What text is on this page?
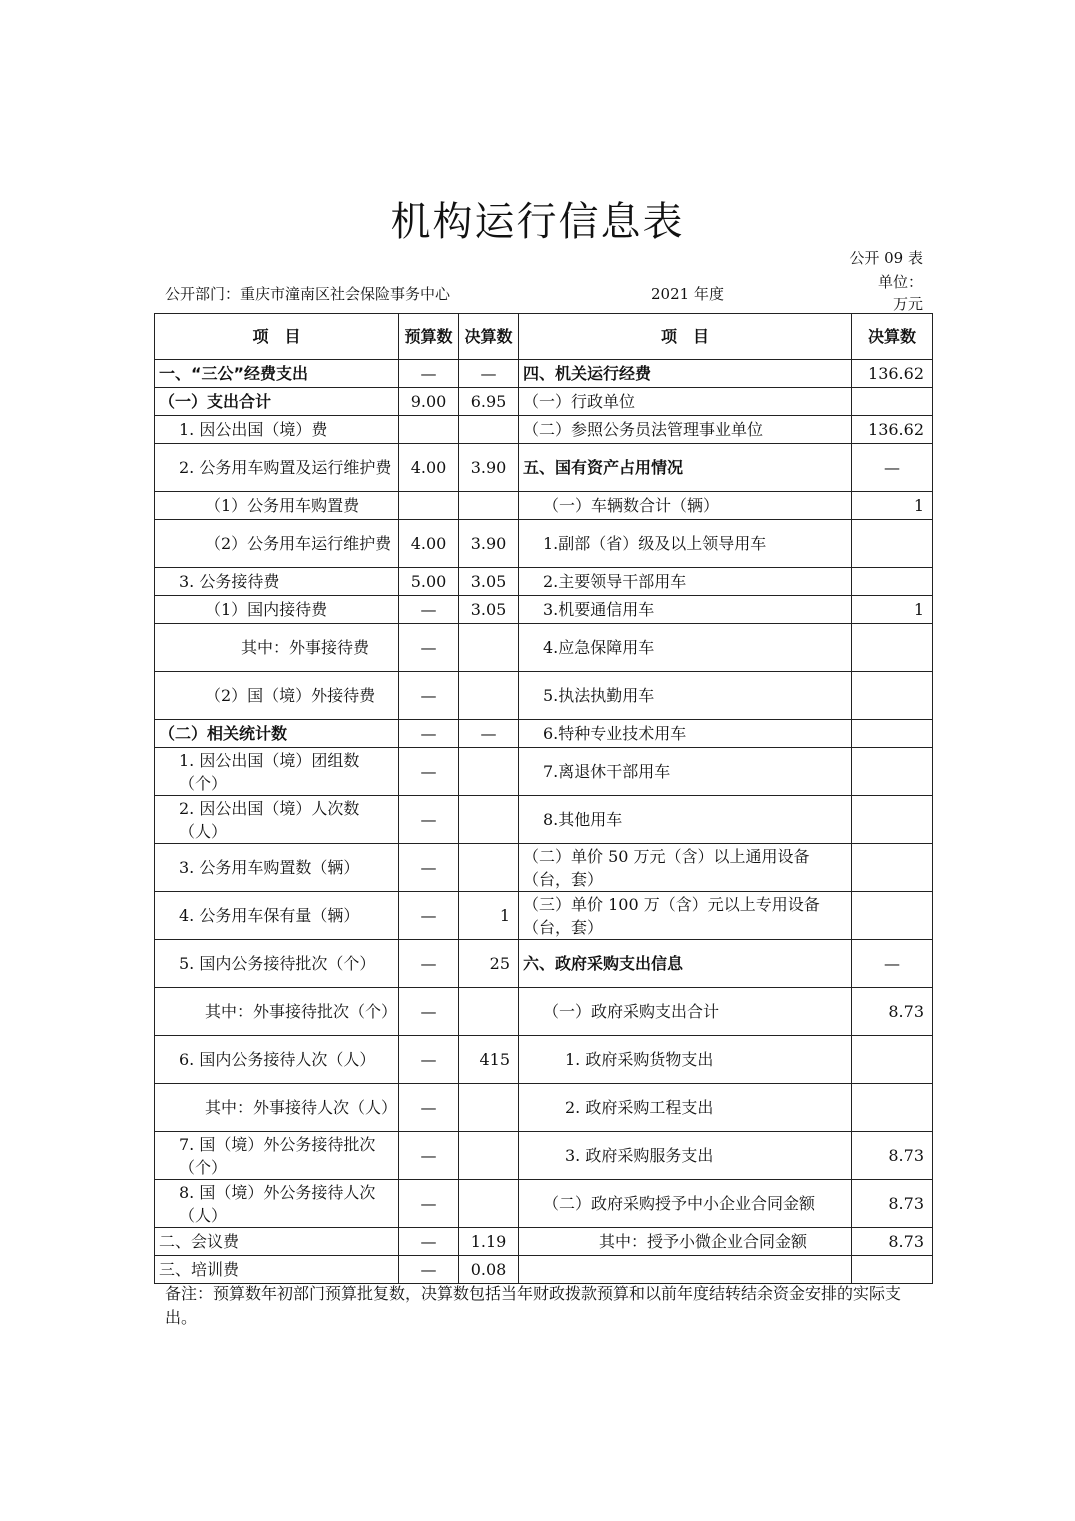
机构运行信息表
公开 09 表
单位：
万元
公开部门：重庆市潼南区社会保险事务中心	2021 年度
项　目	预算数	决算数	项　目	决算数
一、“三公”经费支出	—	—	四、机关运行经费	136.62
（一）支出合计	9.00	6.95	（一）行政单位	
1. 因公出国（境）费			（二）参照公务员法管理事业单位	136.62
2. 公务用车购置及运行维护费	4.00	3.90	五、国有资产占用情况	—
（1）公务用车购置费			（一）车辆数合计（辆）	1
（2）公务用车运行维护费	4.00	3.90	1.副部（省）级及以上领导用车	
3. 公务接待费	5.00	3.05	2.主要领导干部用车	
（1）国内接待费	—	3.05	3.机要通信用车	1
其中：外事接待费	—		4.应急保障用车	
（2）国（境）外接待费	—		5.执法执勤用车	
（二）相关统计数	—	—	6.特种专业技术用车	
1. 因公出国（境）团组数（个）	—		7.离退休干部用车	
2. 因公出国（境）人次数（人）	—		8.其他用车	
3. 公务用车购置数（辆）	—		（二）单价 50 万元（含）以上通用设备（台，套）	
4. 公务用车保有量（辆）	—	1	（三）单价 100 万（含）元以上专用设备（台，套）	
5. 国内公务接待批次（个）	—	25	六、政府采购支出信息	—
其中：外事接待批次（个）	—		（一）政府采购支出合计	8.73
6. 国内公务接待人次（人）	—	415	1. 政府采购货物支出	
其中：外事接待人次（人）	—		2. 政府采购工程支出	
7. 国（境）外公务接待批次（个）	—		3. 政府采购服务支出	8.73
8. 国（境）外公务接待人次（人）	—		（二）政府采购授予中小企业合同金额	8.73
二、会议费	—	1.19	其中：授予小微企业合同金额	8.73
三、培训费	—	0.08		
备注：预算数年初部门预算批复数，决算数包括当年财政拨款预算和以前年度结转结余资金安排的实际支出。
